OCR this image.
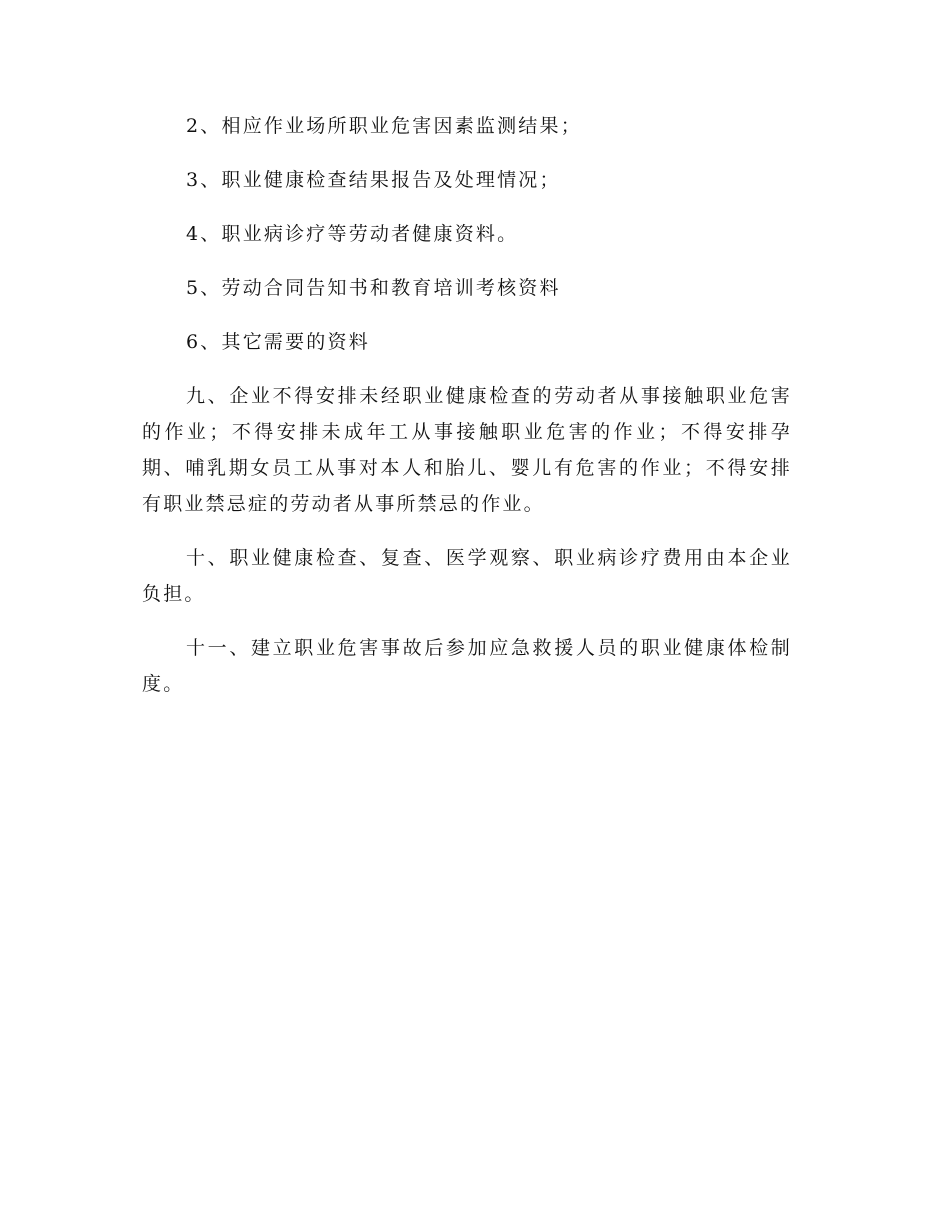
2、相应作业场所职业危害因素监测结果；
3、职业健康检查结果报告及处理情况；
4、职业病诊疗等劳动者健康资料。
5、劳动合同告知书和教育培训考核资料
6、其它需要的资料

九、企业不得安排未经职业健康检查的劳动者从事接触职业危害的作业；不得安排未成年工从事接触职业危害的作业；不得安排孕期、哺乳期女员工从事对本人和胎儿、婴儿有危害的作业；不得安排有职业禁忌症的劳动者从事所禁忌的作业。

十、职业健康检查、复查、医学观察、职业病诊疗费用由本企业负担。

十一、建立职业危害事故后参加应急救援人员的职业健康体检制度。
